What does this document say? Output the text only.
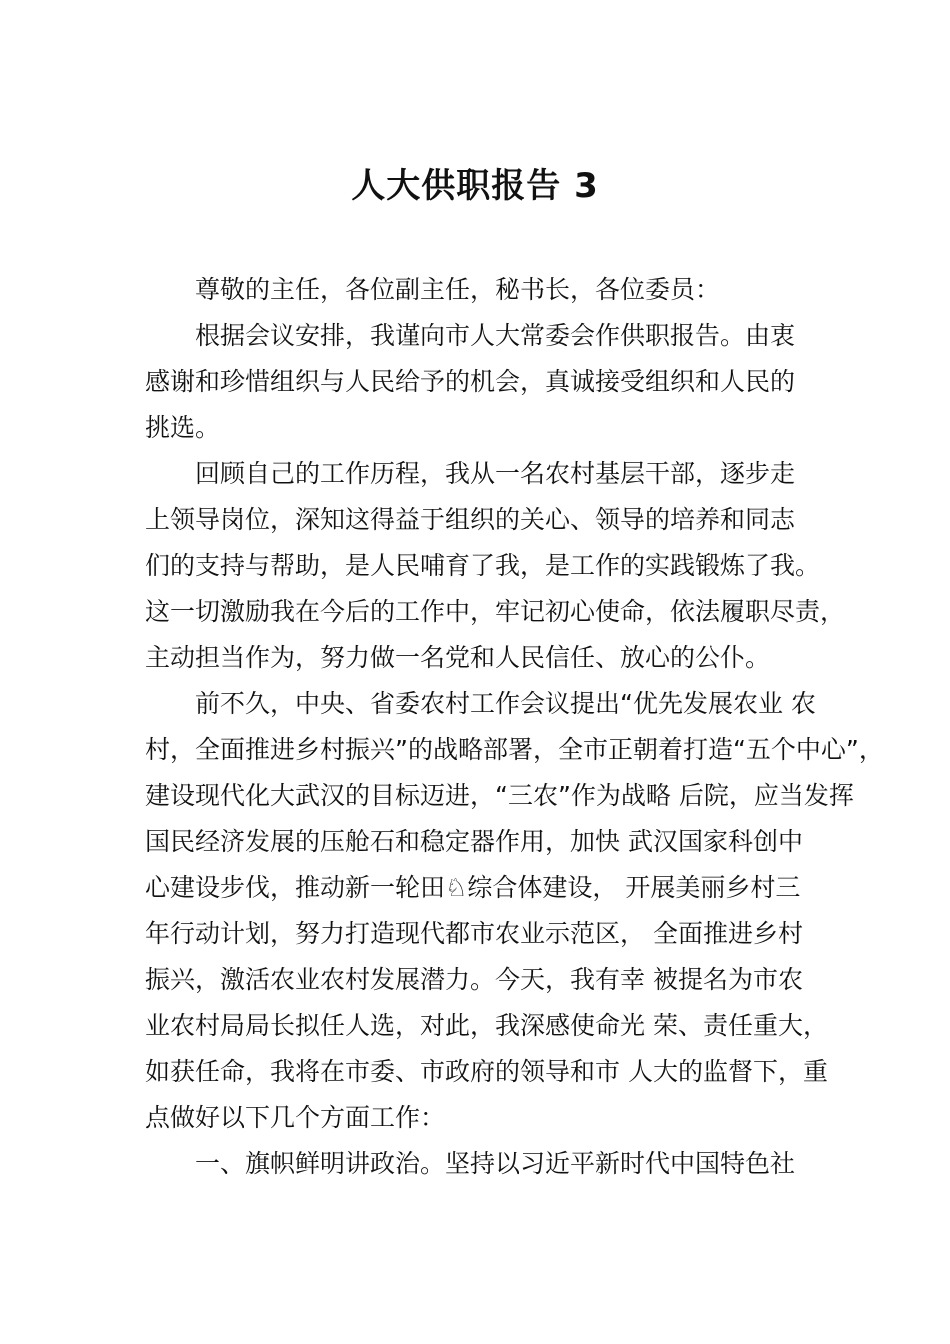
人大供职报告 3
尊敬的主任，各位副主任，秘书长，各位委员：
根据会议安排，我谨向市人大常委会作供职报告。由衷
感谢和珍惜组织与人民给予的机会，真诚接受组织和人民的
挑选。
回顾自己的工作历程，我从一名农村基层干部，逐步走
上领导岗位，深知这得益于组织的关心、领导的培养和同志
们的支持与帮助，是人民哺育了我，是工作的实践锻炼了我。
这一切激励我在今后的工作中，牢记初心使命，依法履职尽责，
主动担当作为，努力做一名党和人民信任、放心的公仆。
前不久，中央、省委农村工作会议提出“优先发展农业 农
村，全面推进乡村振兴”的战略部署，全市正朝着打造“五个中心”，
建设现代化大武汉的目标迈进，“三农”作为战略 后院，应当发挥
国民经济发展的压舱石和稳定器作用，加快 武汉国家科创中
心建设步伐，推动新一轮田♘综合体建设， 开展美丽乡村三
年行动计划，努力打造现代都市农业示范区， 全面推进乡村
振兴，激活农业农村发展潜力。今天，我有幸 被提名为市农
业农村局局长拟任人选，对此，我深感使命光 荣、责任重大，
如获任命，我将在市委、市政府的领导和市 人大的监督下，重
点做好以下几个方面工作：
一、旗帜鲜明讲政治。坚持以习近平新时代中国特色社
